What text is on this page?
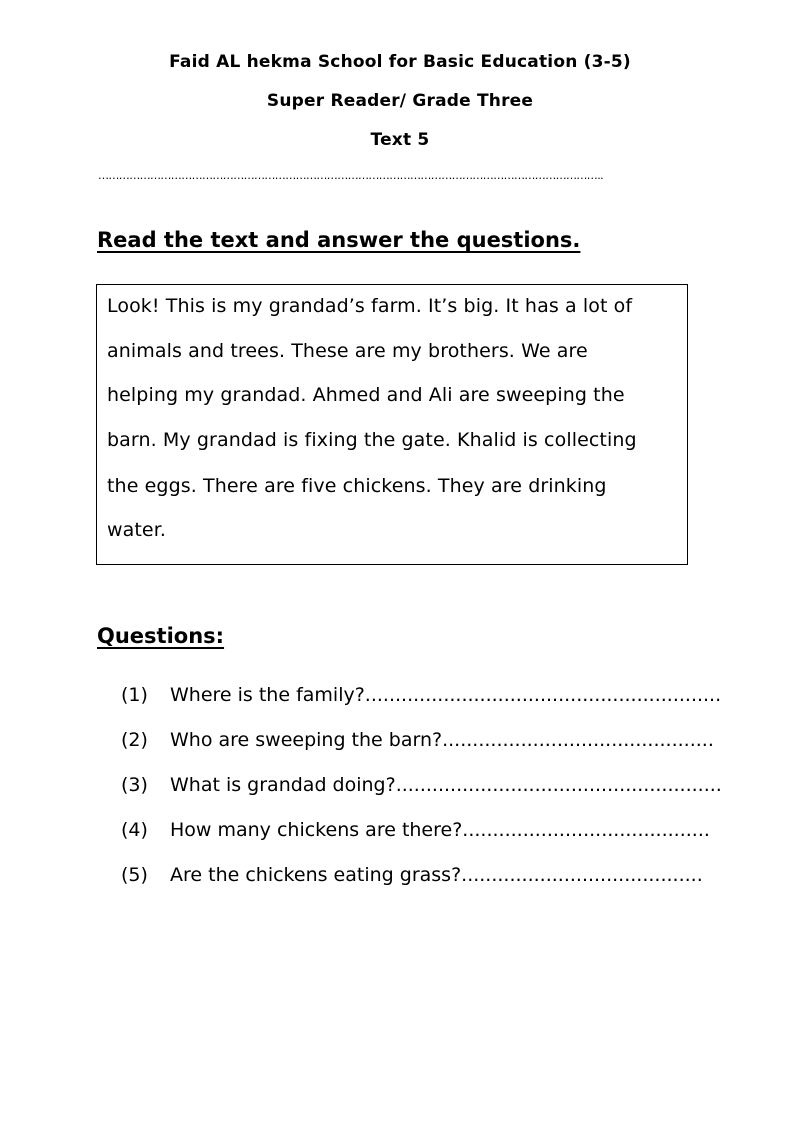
Faid AL hekma School for Basic Education (3-5)
Super Reader/ Grade Three
Text 5
………………………………………………………………………………………………………………………………..
Read the text and answer the questions.
Look! This is my grandad’s farm. It’s big. It has a lot of
animals and trees. These are my brothers. We are
helping my grandad. Ahmed and Ali are sweeping the
barn. My grandad is fixing the gate. Khalid is collecting
the eggs. There are five chickens. They are drinking
water.
Questions:
(1) Where is the family?...........................................................
(2) Who are sweeping the barn?.............................................
(3) What is grandad doing?......................................................
(4) How many chickens are there?.........................................
(5) Are the chickens eating grass?........................................
